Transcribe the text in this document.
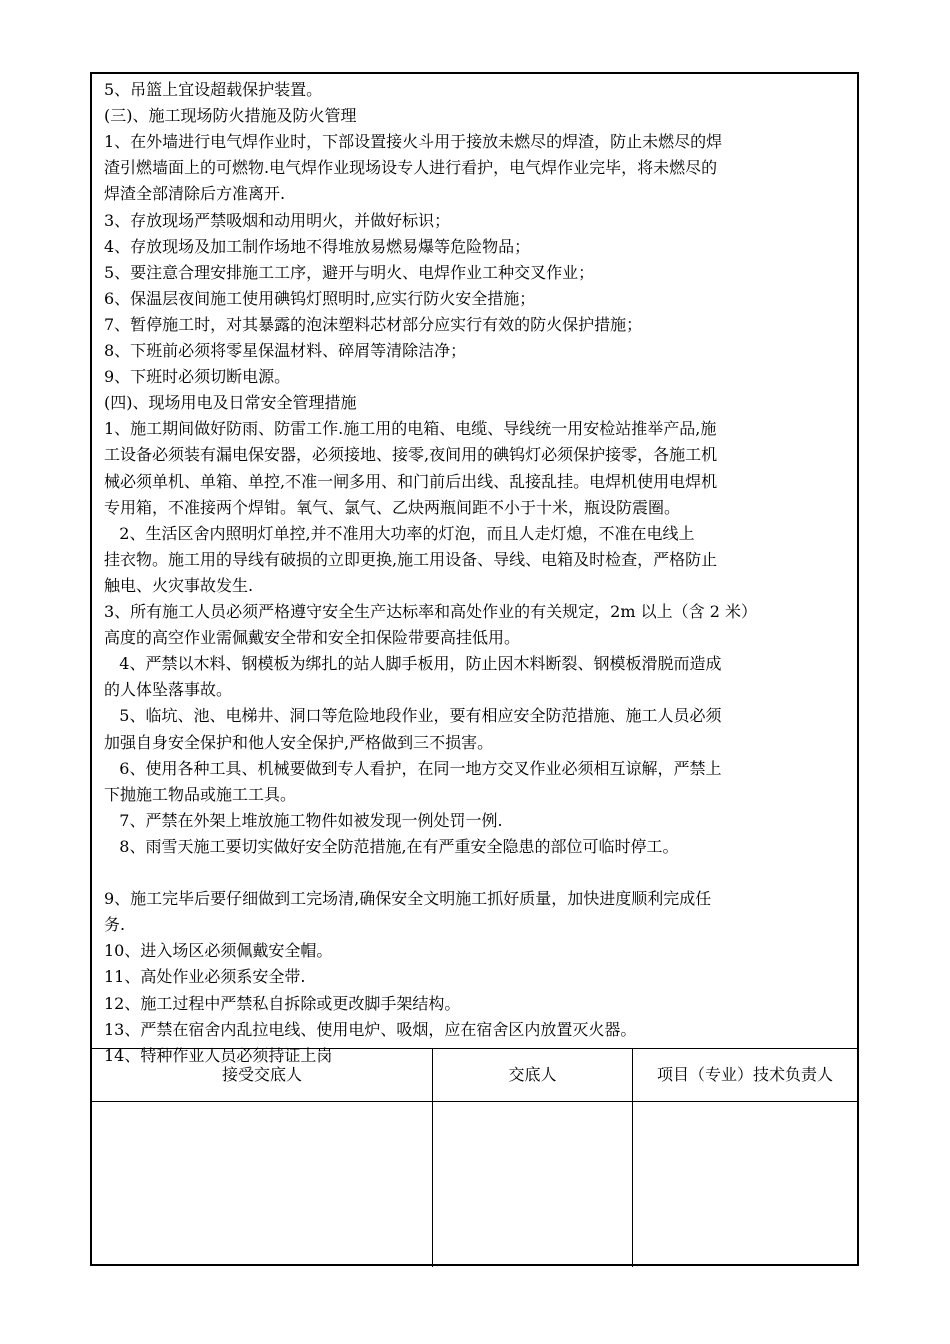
5、吊篮上宜设超载保护装置。
(三)、施工现场防火措施及防火管理
1、在外墙进行电气焊作业时，下部设置接火斗用于接放未燃尽的焊渣，防止未燃尽的焊
渣引燃墙面上的可燃物.电气焊作业现场设专人进行看护，电气焊作业完毕，将未燃尽的
焊渣全部清除后方准离开.
3、存放现场严禁吸烟和动用明火，并做好标识；
4、存放现场及加工制作场地不得堆放易燃易爆等危险物品；
5、要注意合理安排施工工序，避开与明火、电焊作业工种交叉作业；
6、保温层夜间施工使用碘钨灯照明时,应实行防火安全措施；
7、暂停施工时，对其暴露的泡沫塑料芯材部分应实行有效的防火保护措施；
8、下班前必须将零星保温材料、碎屑等清除洁净；
9、下班时必须切断电源。
(四)、现场用电及日常安全管理措施
1、施工期间做好防雨、防雷工作.施工用的电箱、电缆、导线统一用安检站推举产品,施
工设备必须装有漏电保安器，必须接地、接零,夜间用的碘钨灯必须保护接零，各施工机
械必须单机、单箱、单控,不准一闸多用、和门前后出线、乱接乱挂。电焊机使用电焊机
专用箱，不准接两个焊钳。氧气、氯气、乙炔两瓶间距不小于十米，瓶设防震圈。
2、生活区舍内照明灯单控,并不准用大功率的灯泡，而且人走灯熄，不准在电线上
挂衣物。施工用的导线有破损的立即更换,施工用设备、导线、电箱及时检查，严格防止
触电、火灾事故发生.
3、所有施工人员必须严格遵守安全生产达标率和高处作业的有关规定，2m 以上（含 2 米）
高度的高空作业需佩戴安全带和安全扣保险带要高挂低用。
4、严禁以木料、钢模板为绑扎的站人脚手板用，防止因木料断裂、钢模板滑脱而造成
的人体坠落事故。
5、临坑、池、电梯井、洞口等危险地段作业，要有相应安全防范措施、施工人员必须
加强自身安全保护和他人安全保护,严格做到三不损害。
6、使用各种工具、机械要做到专人看护，在同一地方交叉作业必须相互谅解，严禁上
下抛施工物品或施工工具。
7、严禁在外架上堆放施工物件如被发现一例处罚一例.
8、雨雪天施工要切实做好安全防范措施,在有严重安全隐患的部位可临时停工。
9、施工完毕后要仔细做到工完场清,确保安全文明施工抓好质量，加快进度顺利完成任
务.
10、进入场区必须佩戴安全帽。
11、高处作业必须系安全带.
12、施工过程中严禁私自拆除或更改脚手架结构。
13、严禁在宿舍内乱拉电线、使用电炉、吸烟，应在宿舍区内放置灭火器。
14、特种作业人员必须持证上岗
接受交底人	交底人	项目（专业）技术负责人
